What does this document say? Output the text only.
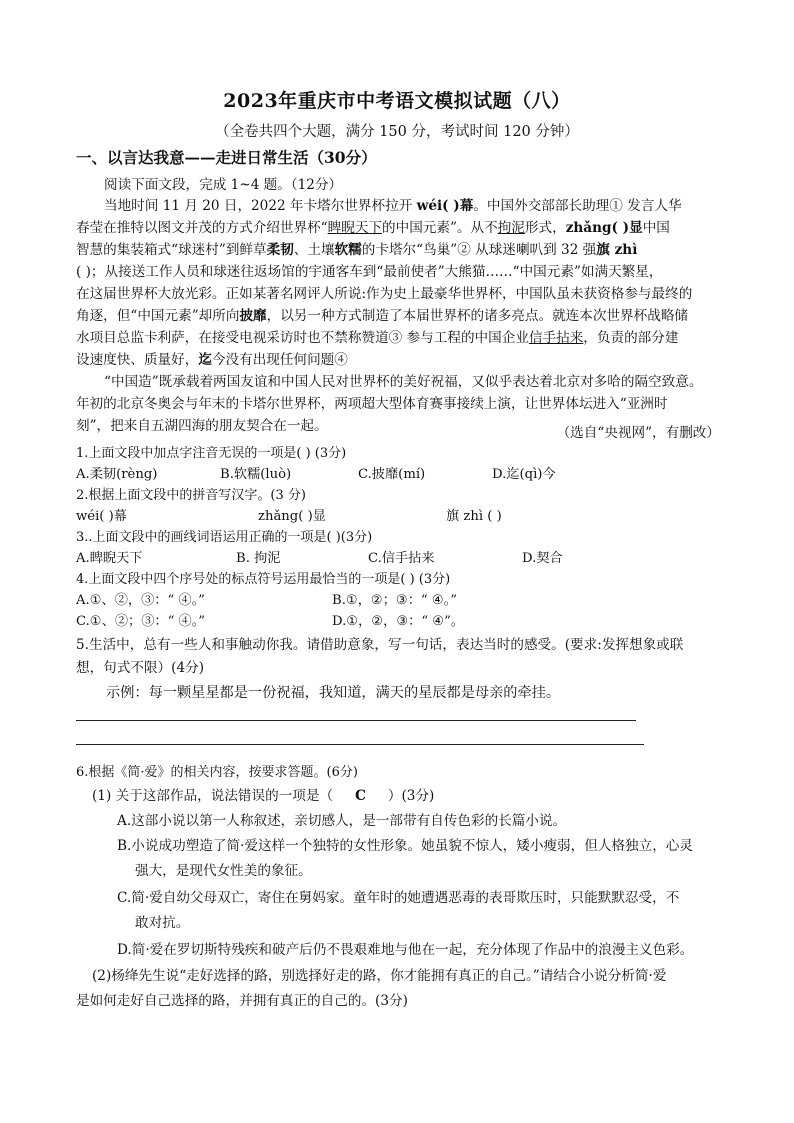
2023年重庆市中考语文模拟试题（八）
（全卷共四个大题，满分 150 分，考试时间 120 分钟）
一、以言达我意——走进日常生活（30分）
阅读下面文段，完成 1~4 题。（12分）
当地时间 11 月 20 日，2022 年卡塔尔世界杯拉开 wéi( )幕。中国外交部部长助理① 发言人华
春莹在推特以图文并茂的方式介绍世界杯“睥睨天下的中国元素”。从不拘泥形式，zhǎng( )显中国
智慧的集装箱式“球迷村”到鲜草柔韧、土壤软糯的卡塔尔“鸟巢”② 从球迷喇叭到 32 强旗 zhì
( )；从接送工作人员和球迷往返场馆的宇通客车到“最前使者”大熊猫……“中国元素”如满天繁星，
在这届世界杯大放光彩。正如某著名网评人所说:作为史上最豪华世界杯，中国队虽未获资格参与最终的
角逐，但“中国元素”却所向披靡，以另一种方式制造了本届世界杯的诸多亮点。就连本次世界杯战略储
水项目总监卡利萨，在接受电视采访时也不禁称赞道③ 参与工程的中国企业信手拈来，负责的部分建
设速度快、质量好，迄今没有出现任何问题④
“中国造”既承载着两国友谊和中国人民对世界杯的美好祝福，又似乎表达着北京对多哈的隔空致意。
年初的北京冬奥会与年末的卡塔尔世界杯，两项超大型体育赛事接续上演，让世界体坛进入“亚洲时
刻”，把来自五湖四海的朋友契合在一起。	（选自“央视网”，有删改）
1.上面文段中加点字注音无误的一项是( ) (3分)
A.柔韧(rèng)	B.软糯(luò)	C.披靡(mí)	D.迄(qì)今
2.根据上面文段中的拼音写汉字。(3 分)
wéi( )幕	zhǎng( )显	旗 zhì ( )
3..上面文段中的画线词语运用正确的一项是( )(3分)
A.睥睨天下	B. 拘泥	C.信手拈来	D.契合
4.上面文段中四个序号处的标点符号运用最恰当的一项是( ) (3分)
A.①、②，③：“ ④。”	B.①，②；③：“ ④。”
C.①、②；③：“ ④。”	D.①，②，③：“ ④”。
5.生活中，总有一些人和事触动你我。请借助意象，写一句话，表达当时的感受。(要求:发挥想象或联
想，句式不限）(4分)
示例：每一颗星星都是一份祝福，我知道，满天的星辰都是母亲的牵挂。
6.根据《简·爱》的相关内容，按要求答题。(6分)
(1) 关于这部作品，说法错误的一项是（ C ）(3分)
A.这部小说以第一人称叙述，亲切感人，是一部带有自传色彩的长篇小说。
B.小说成功塑造了简·爱这样一个独特的女性形象。她虽貌不惊人，矮小瘦弱，但人格独立，心灵
强大，是现代女性美的象征。
C.简·爱自幼父母双亡，寄住在舅妈家。童年时的她遭遇恶毒的表哥欺压时，只能默默忍受，不
敢对抗。
D.简·爱在罗切斯特残疾和破产后仍不畏艰难地与他在一起，充分体现了作品中的浪漫主义色彩。
(2)杨绛先生说“走好选择的路，别选择好走的路，你才能拥有真正的自己。”请结合小说分析简·爱
是如何走好自己选择的路，并拥有真正的自己的。(3分)
